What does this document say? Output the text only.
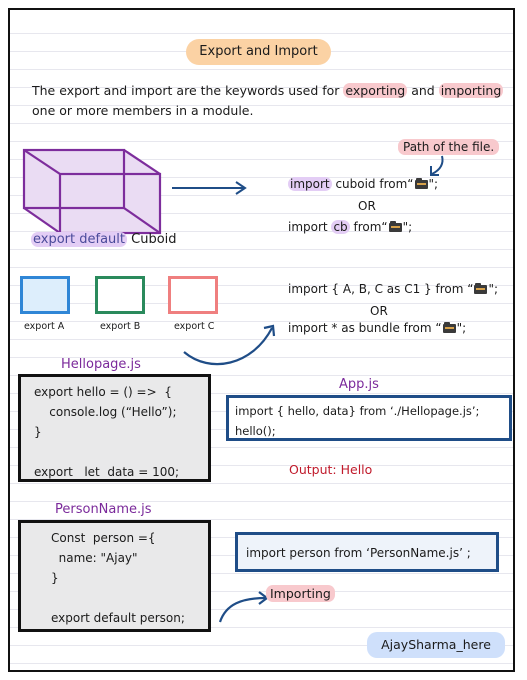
Export and Import
The export and import are the keywords used for exporting and importing one or more members in a module.
export default Cuboid
Path of the file.
import cuboid from“ ";
OR
import cb from“ ";
export A	export B	export C
import { A, B, C as C1 } from “ ";
OR
import * as bundle from “ ";
Hellopage.js
export hello = () =>  {
console.log (“Hello”);
}
export   let  data = 100;
App.js
import { hello, data} from ‘./Hellopage.js’;
hello();
Output: Hello
PersonName.js
Const  person ={
name: "Ajay"
}
export default person;
import person from ‘PersonName.js’ ;
Importing
AjaySharma_here
